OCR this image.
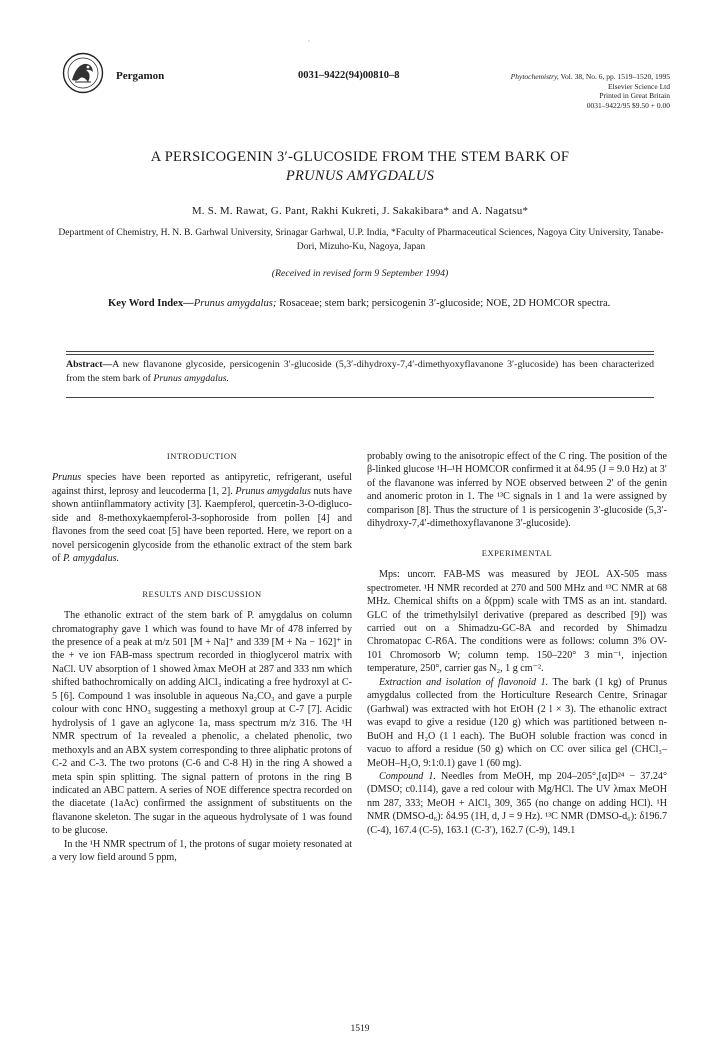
Pergamon	0031–9422(94)00810–8	Phytochemistry, Vol. 38, No. 6, pp. 1519–1520, 1995
Elsevier Science Ltd
Printed in Great Britain
0031–9422/95 $9.50 + 0.00
A PERSICOGENIN 3′-GLUCOSIDE FROM THE STEM BARK OF
PRUNUS AMYGDALUS
M. S. M. Rawat, G. Pant, Rakhi Kukreti, J. Sakakibara* and A. Nagatsu*
Department of Chemistry, H. N. B. Garhwal University, Srinagar Garhwal, U.P. India, *Faculty of Pharmaceutical Sciences, Nagoya City University, Tanabe-Dori, Mizuho-Ku, Nagoya, Japan
(Received in revised form 9 September 1994)
Key Word Index—Prunus amygdalus; Rosaceae; stem bark; persicogenin 3′-glucoside; NOE, 2D HOMCOR spectra.
Abstract—A new flavanone glycoside, persicogenin 3′-glucoside (5,3′-dihydroxy-7,4′-dimethyoxyflavanone 3′-glucoside) has been characterized from the stem bark of Prunus amygdalus.
INTRODUCTION

Prunus species have been reported as antipyretic, refrigerant, useful against thirst, leprosy and leucoderma [1, 2]. Prunus amygdalus nuts have shown antiinflammatory activity [3]. Kaempferol, quercetin-3-O-digluco-side and 8-methoxykaempferol-3-sophoroside from pollen [4] and flavones from the seed coat [5] have been reported. Here, we report on a novel persicogenin glycoside from the ethanolic extract of the stem bark of P. amygdalus.

RESULTS AND DISCUSSION

The ethanolic extract of the stem bark of P. amygdalus on column chromatography gave 1 which was found to have Mr of 478 inferred by the presence of a peak at m/z 501 [M + Na]⁺ and 339 [M + Na − 162]⁺ in the + ve ion FAB-mass spectrum recorded in thioglycerol matrix with NaCl. UV absorption of 1 showed λmax MeOH at 287 and 333 nm which shifted bathochromically on adding AlCl₃ indicating a free hydroxyl at C-5 [6]. Compound 1 was insoluble in aqueous Na₂CO₃ and gave a purple colour with conc HNO₃ suggesting a methoxyl group at C-7 [7]. Acidic hydrolysis of 1 gave an aglycone 1a, mass spectrum m/z 316. The ¹H NMR spectrum of 1a revealed a phenolic, a chelated phenolic, two methoxyls and an ABX system corresponding to three aliphatic protons of C-2 and C-3. The two protons (C-6 and C-8 H) in the ring A showed a meta spin spin splitting. The signal pattern of protons in the ring B indicated an ABC pattern. A series of NOE difference spectra recorded on the diacetate (1aAc) confirmed the assignment of substituents on the flavanone skeleton. The sugar in the aqueous hydrolysate of 1 was found to be glucose.

In the ¹H NMR spectrum of 1, the protons of sugar moiety resonated at a very low field around 5 ppm,

probably owing to the anisotropic effect of the C ring. The position of the β-linked glucose ¹H–¹H HOMCOR confirmed it at δ4.95 (J = 9.0 Hz) at 3′ of the flavanone was inferred by NOE observed between 2′ of the genin and anomeric proton in 1. The ¹³C signals in 1 and 1a were assigned by comparison [8]. Thus the structure of 1 is persicogenin 3′-glucoside (5,3′-dihydroxy-7,4′-dimethoxyflavanone 3′-glucoside).

EXPERIMENTAL

Mps: uncorr. FAB-MS was measured by JEOL AX-505 mass spectrometer. ¹H NMR recorded at 270 and 500 MHz and ¹³C NMR at 68 MHz. Chemical shifts on a δ(ppm) scale with TMS as an int. standard. GLC of the trimethylsilyl derivative (prepared as described [9]) was carried out on a Shimadzu-GC-8A and recorded by Shimadzu Chromatopac C-R6A. The conditions were as follows: column 3% OV-101 Chromosorb W; column temp. 150–220° 3 min⁻¹, injection temperature, 250°, carrier gas N₂, 1 g cm⁻².

Extraction and isolation of flavonoid 1. The bark (1 kg) of Prunus amygdalus collected from the Horticulture Research Centre, Srinagar (Garhwal) was extracted with hot EtOH (2 l × 3). The ethanolic extract was evapd to give a residue (120 g) which was partitioned between n-BuOH and H₂O (1 l each). The BuOH soluble fraction was concd in vacuo to afford a residue (50 g) which on CC over silica gel (CHCl₃–MeOH–H₂O, 9:1:0.1) gave 1 (60 mg).

Compound 1. Needles from MeOH, mp 204–205°,[α]D²⁴ − 37.24° (DMSO; c0.114), gave a red colour with Mg/HCl. The UV λmax MeOH nm 287, 333; MeOH + AlCl₃ 309, 365 (no change on adding HCl). ¹H NMR (DMSO-d₆): δ4.95 (1H, d, J = 9 Hz). ¹³C NMR (DMSO-d₆): δ196.7 (C-4), 167.4 (C-5), 163.1 (C-3′), 162.7 (C-9), 149.1

1519
